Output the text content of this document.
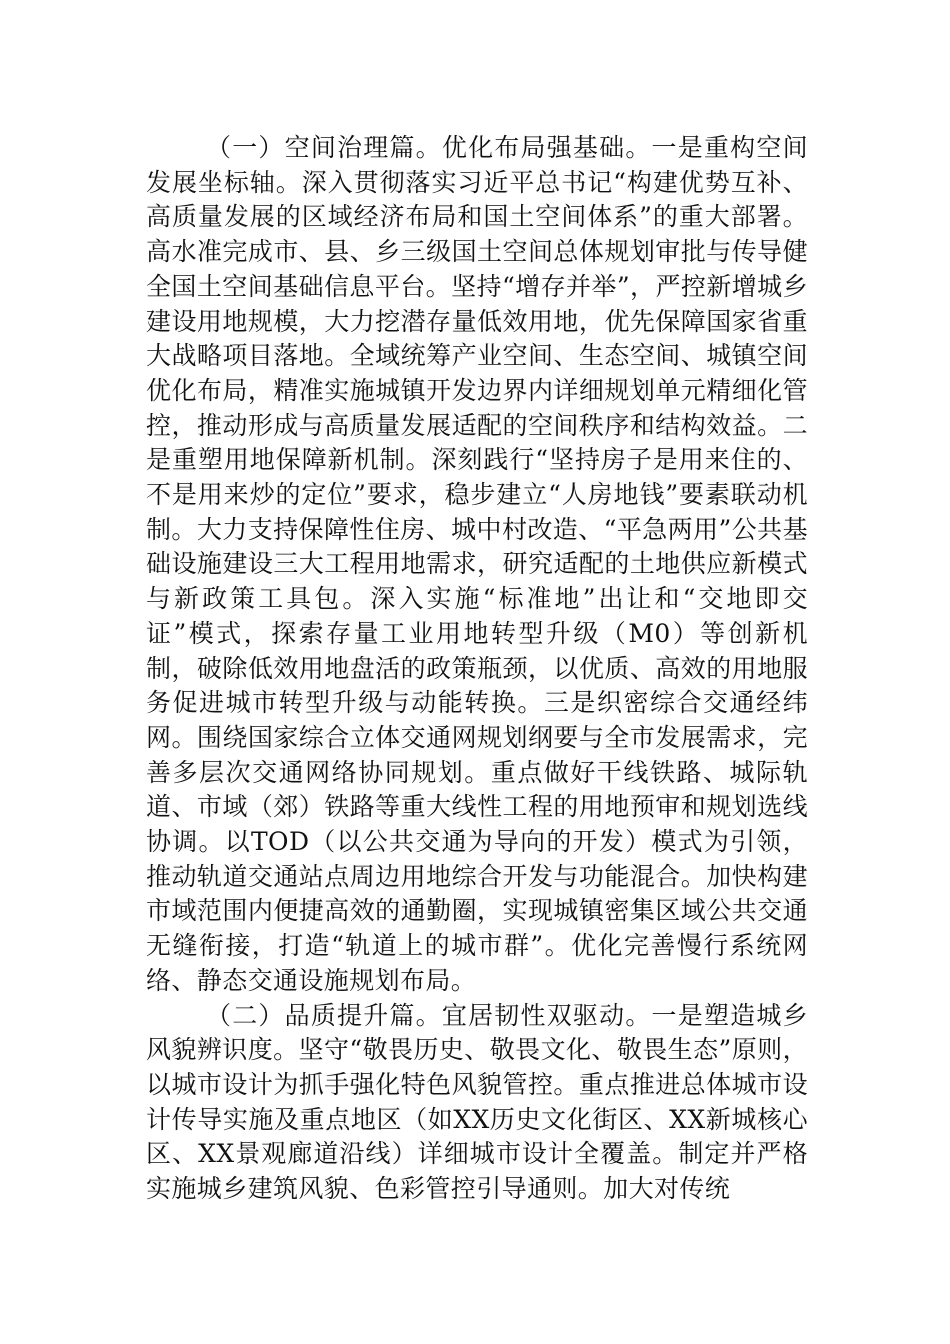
（一）空间治理篇。优化布局强基础。一是重构空间发展坐标轴。深入贯彻落实习近平总书记“构建优势互补、高质量发展的区域经济布局和国土空间体系”的重大部署。高水准完成市、县、乡三级国土空间总体规划审批与传导健全国土空间基础信息平台。坚持“增存并举”，严控新增城乡建设用地规模，大力挖潜存量低效用地，优先保障国家省重大战略项目落地。全域统筹产业空间、生态空间、城镇空间优化布局，精准实施城镇开发边界内详细规划单元精细化管控，推动形成与高质量发展适配的空间秩序和结构效益。二是重塑用地保障新机制。深刻践行“坚持房子是用来住的、不是用来炒的定位”要求，稳步建立“人房地钱”要素联动机制。大力支持保障性住房、城中村改造、“平急两用”公共基础设施建设三大工程用地需求，研究适配的土地供应新模式与新政策工具包。深入实施“标准地”出让和“交地即交证”模式，探索存量工业用地转型升级（M0）等创新机制，破除低效用地盘活的政策瓶颈，以优质、高效的用地服务促进城市转型升级与动能转换。三是织密综合交通经纬网。围绕国家综合立体交通网规划纲要与全市发展需求，完善多层次交通网络协同规划。重点做好干线铁路、城际轨道、市域（郊）铁路等重大线性工程的用地预审和规划选线协调。以TOD（以公共交通为导向的开发）模式为引领，推动轨道交通站点周边用地综合开发与功能混合。加快构建市域范围内便捷高效的通勤圈，实现城镇密集区域公共交通无缝衔接，打造“轨道上的城市群”。优化完善慢行系统网络、静态交通设施规划布局。

（二）品质提升篇。宜居韧性双驱动。一是塑造城乡风貌辨识度。坚守“敬畏历史、敬畏文化、敬畏生态”原则，以城市设计为抓手强化特色风貌管控。重点推进总体城市设计传导实施及重点地区（如XX历史文化街区、XX新城核心区、XX景观廊道沿线）详细城市设计全覆盖。制定并严格实施城乡建筑风貌、色彩管控引导通则。加大对传统
